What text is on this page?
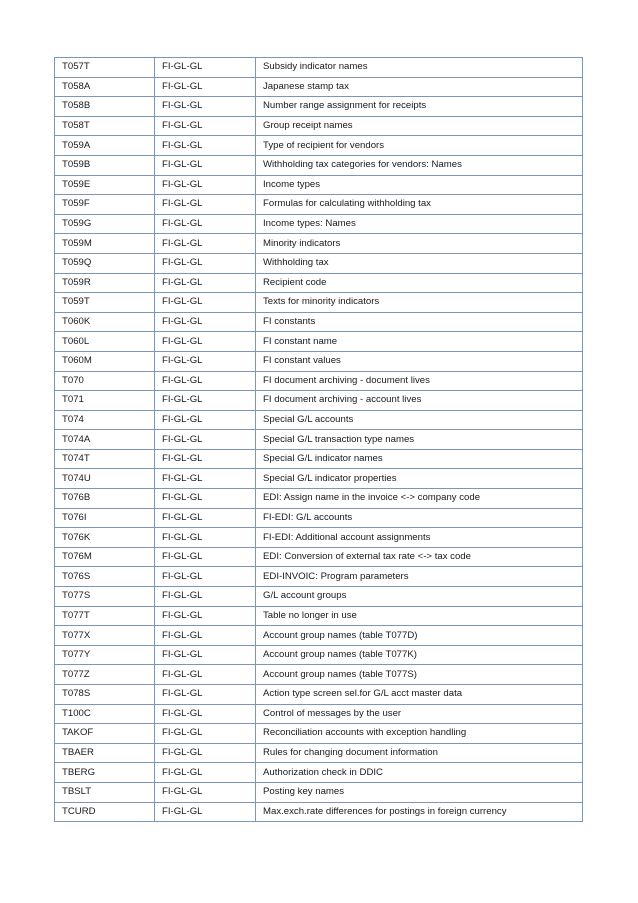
T057T	FI-GL-GL	Subsidy indicator names
T058A	FI-GL-GL	Japanese stamp tax
T058B	FI-GL-GL	Number range assignment for receipts
T058T	FI-GL-GL	Group receipt names
T059A	FI-GL-GL	Type of recipient for vendors
T059B	FI-GL-GL	Withholding tax categories for vendors: Names
T059E	FI-GL-GL	Income types
T059F	FI-GL-GL	Formulas for calculating withholding tax
T059G	FI-GL-GL	Income types: Names
T059M	FI-GL-GL	Minority indicators
T059Q	FI-GL-GL	Withholding tax
T059R	FI-GL-GL	Recipient code
T059T	FI-GL-GL	Texts for minority indicators
T060K	FI-GL-GL	FI constants
T060L	FI-GL-GL	FI constant name
T060M	FI-GL-GL	FI constant values
T070	FI-GL-GL	FI document archiving - document lives
T071	FI-GL-GL	FI document archiving - account lives
T074	FI-GL-GL	Special G/L accounts
T074A	FI-GL-GL	Special G/L transaction type names
T074T	FI-GL-GL	Special G/L indicator names
T074U	FI-GL-GL	Special G/L indicator properties
T076B	FI-GL-GL	EDI: Assign name in the invoice <-> company code
T076I	FI-GL-GL	FI-EDI: G/L accounts
T076K	FI-GL-GL	FI-EDI: Additional account assignments
T076M	FI-GL-GL	EDI: Conversion of external tax rate <-> tax code
T076S	FI-GL-GL	EDI-INVOIC: Program parameters
T077S	FI-GL-GL	G/L account groups
T077T	FI-GL-GL	Table no longer in use
T077X	FI-GL-GL	Account group names (table T077D)
T077Y	FI-GL-GL	Account group names (table T077K)
T077Z	FI-GL-GL	Account group names (table T077S)
T078S	FI-GL-GL	Action type screen sel.for G/L acct master data
T100C	FI-GL-GL	Control of messages by the user
TAKOF	FI-GL-GL	Reconciliation accounts with exception handling
TBAER	FI-GL-GL	Rules for changing document information
TBERG	FI-GL-GL	Authorization check in DDIC
TBSLT	FI-GL-GL	Posting key names
TCURD	FI-GL-GL	Max.exch.rate differences for postings in foreign currency
